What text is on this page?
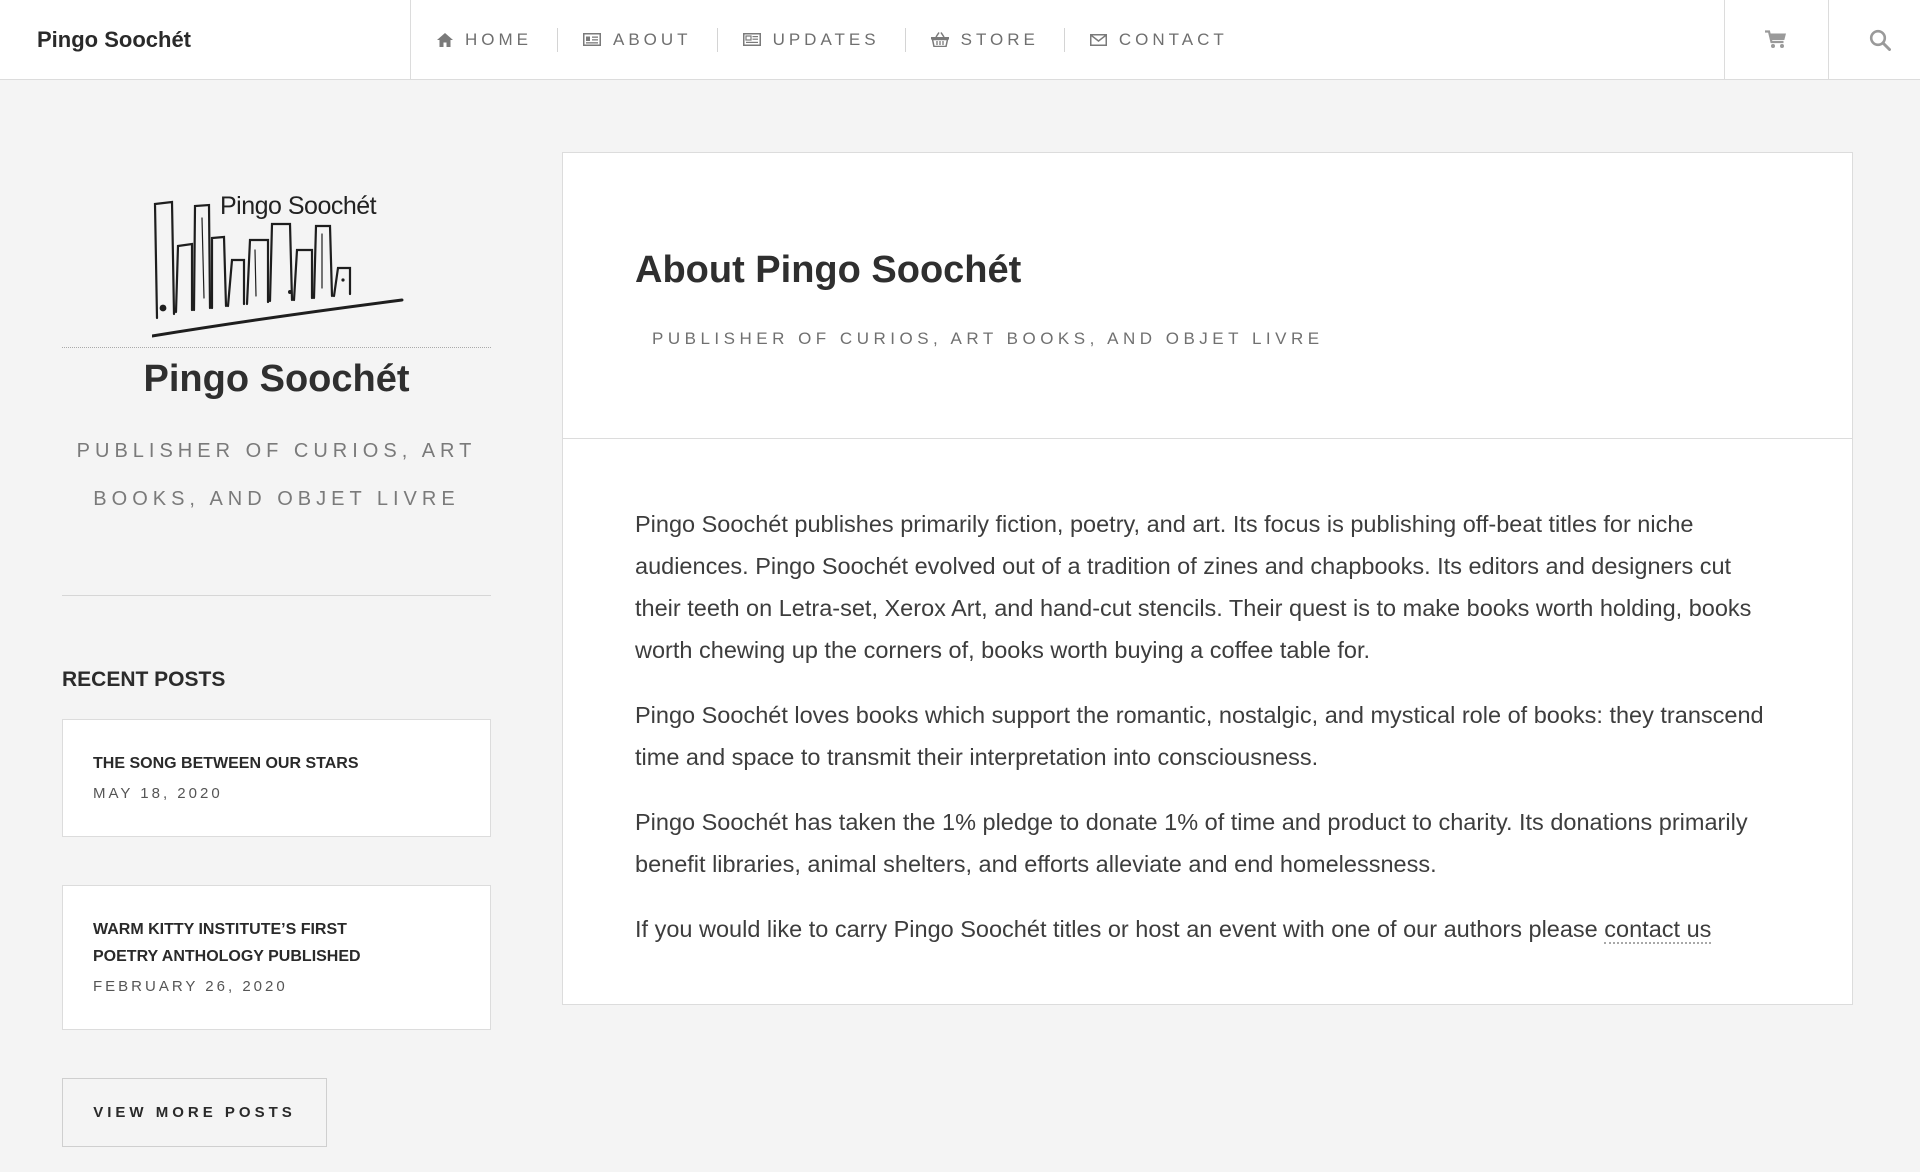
Pingo Soochét	HOME	ABOUT	UPDATES	STORE	CONTACT
Pingo Soochét
Pingo Soochét
PUBLISHER OF CURIOS, ART BOOKS, AND OBJET LIVRE
RECENT POSTS
THE SONG BETWEEN OUR STARS
MAY 18, 2020
WARM KITTY INSTITUTE’S FIRST POETRY ANTHOLOGY PUBLISHED
FEBRUARY 26, 2020
VIEW MORE POSTS
About Pingo Soochét
PUBLISHER OF CURIOS, ART BOOKS, AND OBJET LIVRE

Pingo Soochét publishes primarily fiction, poetry, and art. Its focus is publishing off-beat titles for niche audiences. Pingo Soochét evolved out of a tradition of zines and chapbooks. Its editors and designers cut their teeth on Letra-set, Xerox Art, and hand-cut stencils. Their quest is to make books worth holding, books worth chewing up the corners of, books worth buying a coffee table for.

Pingo Soochét loves books which support the romantic, nostalgic, and mystical role of books: they transcend time and space to transmit their interpretation into consciousness.

Pingo Soochét has taken the 1% pledge to donate 1% of time and product to charity. Its donations primarily benefit libraries, animal shelters, and efforts alleviate and end homelessness.

If you would like to carry Pingo Soochét titles or host an event with one of our authors please contact us
